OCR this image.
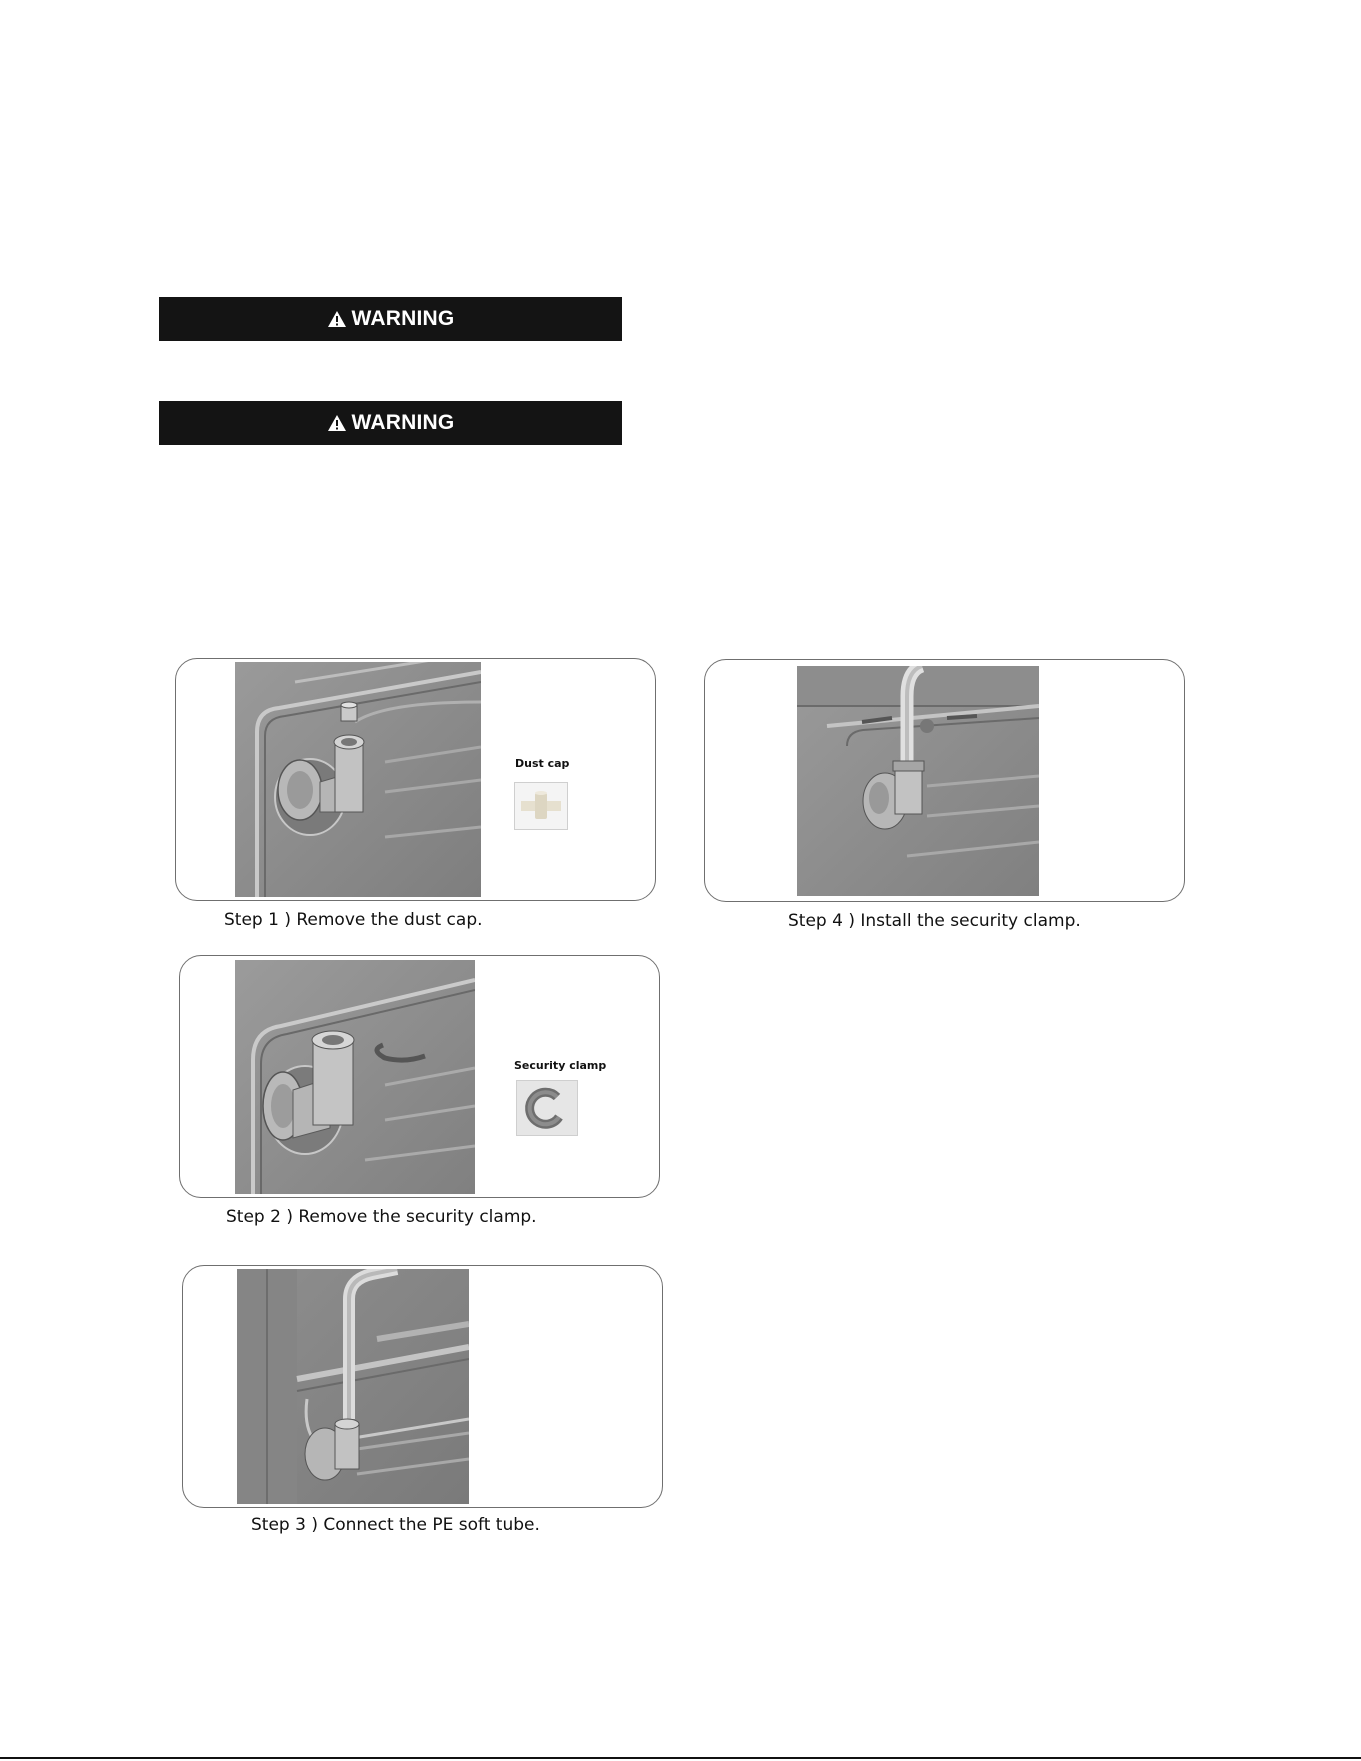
WARNING
WARNING
Dust cap
Step 1 ) Remove the dust cap.
Security clamp
Step 2 ) Remove the security clamp.
Step 3 ) Connect the PE soft tube.
Step 4 ) Install the security clamp.
